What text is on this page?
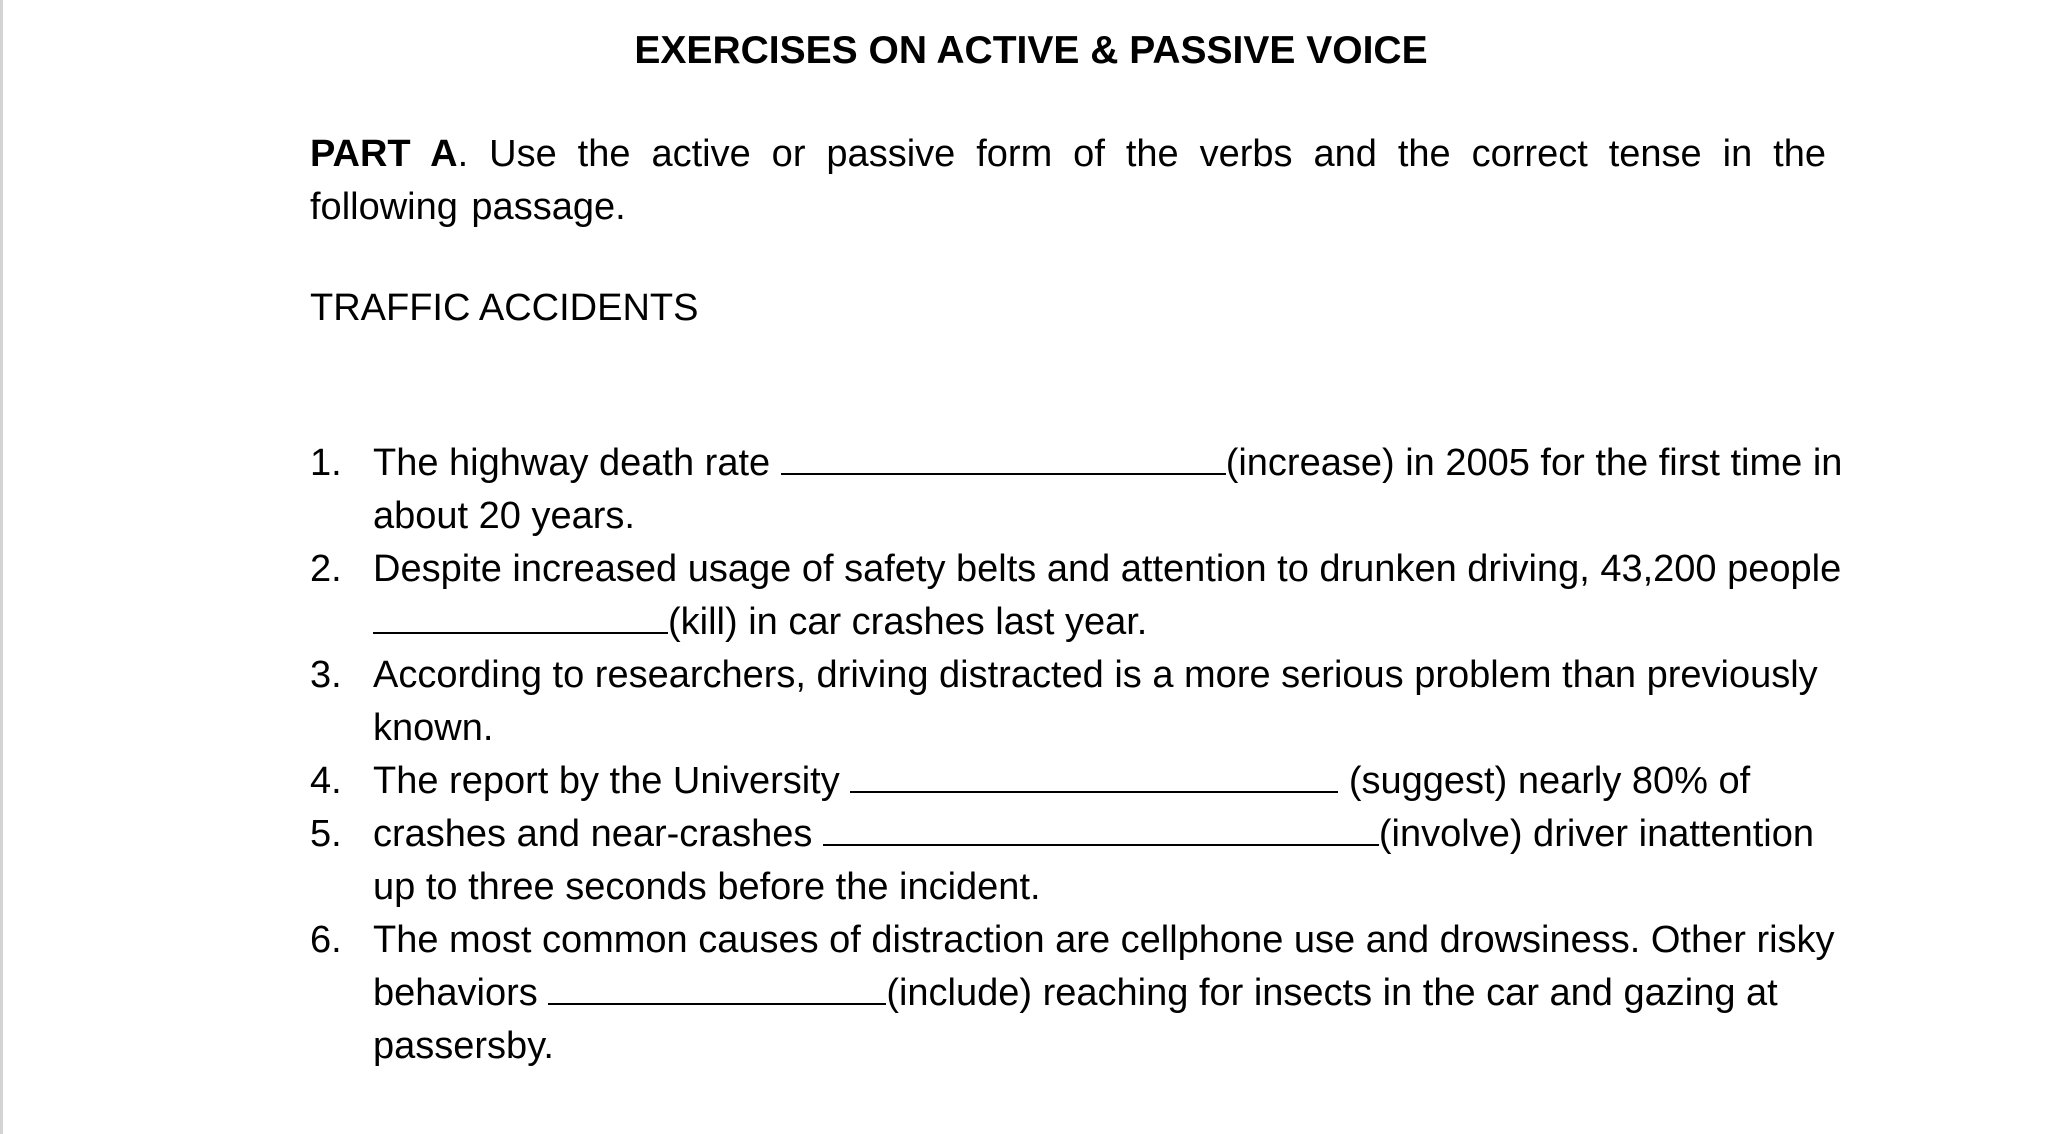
EXERCISES ON ACTIVE & PASSIVE VOICE

PART A. Use the active or passive form of the verbs and the correct tense in the following passage.

TRAFFIC ACCIDENTS
1. The highway death rate	(increase) in 2005 for the first time in about 20 years.
2. Despite increased usage of safety belts and attention to drunken driving, 43,200 people (kill) in car crashes last year.
3. According to researchers, driving distracted is a more serious problem than previously known.
4. The report by the University	(suggest) nearly 80% of
5. crashes and near-crashes	(involve) driver inattention up to three seconds before the incident.
6. The most common causes of distraction are cellphone use and drowsiness. Other risky behaviors	(include) reaching for insects in the car and gazing at passersby.
